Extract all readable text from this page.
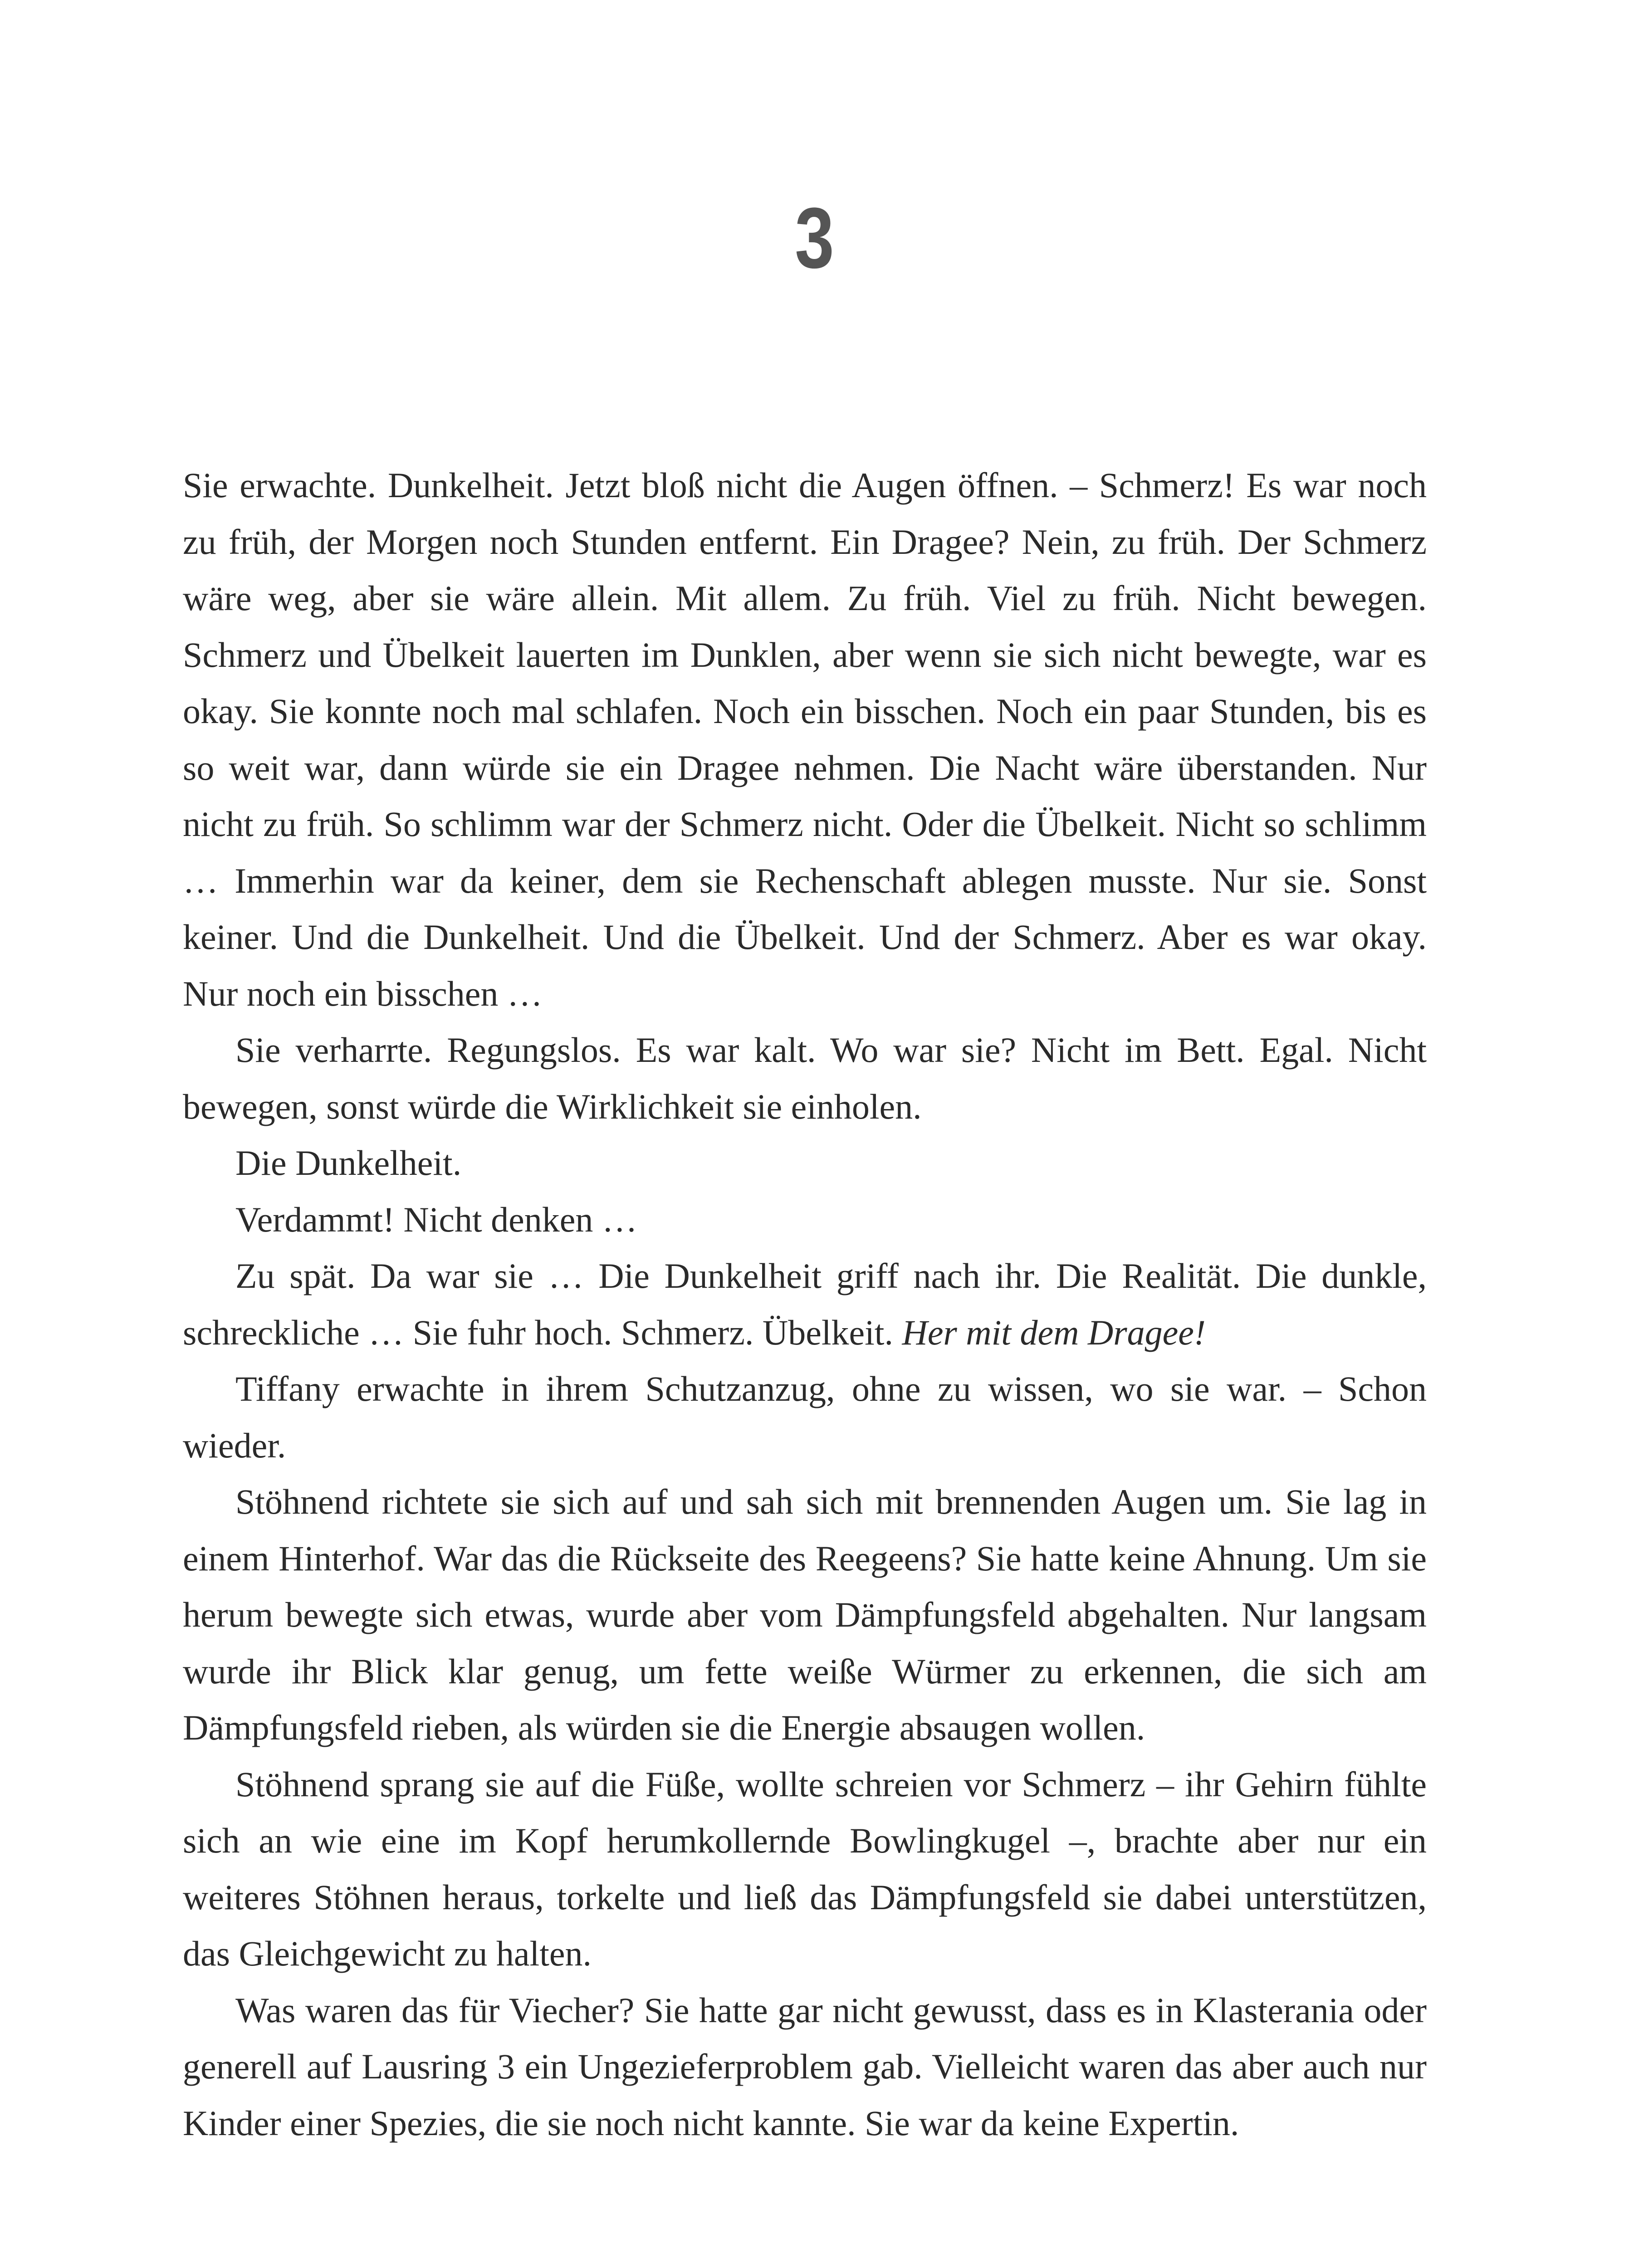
3

Sie erwachte. Dunkelheit. Jetzt bloß nicht die Augen öffnen. – Schmerz! Es war noch zu früh, der Morgen noch Stunden entfernt. Ein Dragee? Nein, zu früh. Der Schmerz wäre weg, aber sie wäre allein. Mit allem. Zu früh. Viel zu früh. Nicht bewegen. Schmerz und Übelkeit lauerten im Dunklen, aber wenn sie sich nicht bewegte, war es okay. Sie konnte noch mal schlafen. Noch ein bisschen. Noch ein paar Stunden, bis es so weit war, dann würde sie ein Dragee nehmen. Die Nacht wäre überstanden. Nur nicht zu früh. So schlimm war der Schmerz nicht. Oder die Übelkeit. Nicht so schlimm … Immerhin war da keiner, dem sie Rechenschaft ablegen musste. Nur sie. Sonst keiner. Und die Dunkelheit. Und die Übelkeit. Und der Schmerz. Aber es war okay. Nur noch ein bisschen …

Sie verharrte. Regungslos. Es war kalt. Wo war sie? Nicht im Bett. Egal. Nicht bewegen, sonst würde die Wirklichkeit sie einholen.

Die Dunkelheit.

Verdammt! Nicht denken …

Zu spät. Da war sie … Die Dunkelheit griff nach ihr. Die Realität. Die dunkle, schreckliche … Sie fuhr hoch. Schmerz. Übelkeit. Her mit dem Dragee!

Tiffany erwachte in ihrem Schutzanzug, ohne zu wissen, wo sie war. – Schon wieder.

Stöhnend richtete sie sich auf und sah sich mit brennenden Augen um. Sie lag in einem Hinterhof. War das die Rückseite des Reegeens? Sie hatte keine Ahnung. Um sie herum bewegte sich etwas, wurde aber vom Dämpfungsfeld abgehalten. Nur langsam wurde ihr Blick klar genug, um fette weiße Würmer zu erkennen, die sich am Dämpfungsfeld rieben, als würden sie die Energie absaugen wollen.

Stöhnend sprang sie auf die Füße, wollte schreien vor Schmerz – ihr Gehirn fühlte sich an wie eine im Kopf herumkollernde Bowlingkugel –, brachte aber nur ein weiteres Stöhnen heraus, torkelte und ließ das Dämpfungsfeld sie dabei unterstützen, das Gleichgewicht zu halten.

Was waren das für Viecher? Sie hatte gar nicht gewusst, dass es in Klasterania oder generell auf Lausring 3 ein Ungezieferproblem gab. Vielleicht waren das aber auch nur Kinder einer Spezies, die sie noch nicht kannte. Sie war da keine Expertin.
